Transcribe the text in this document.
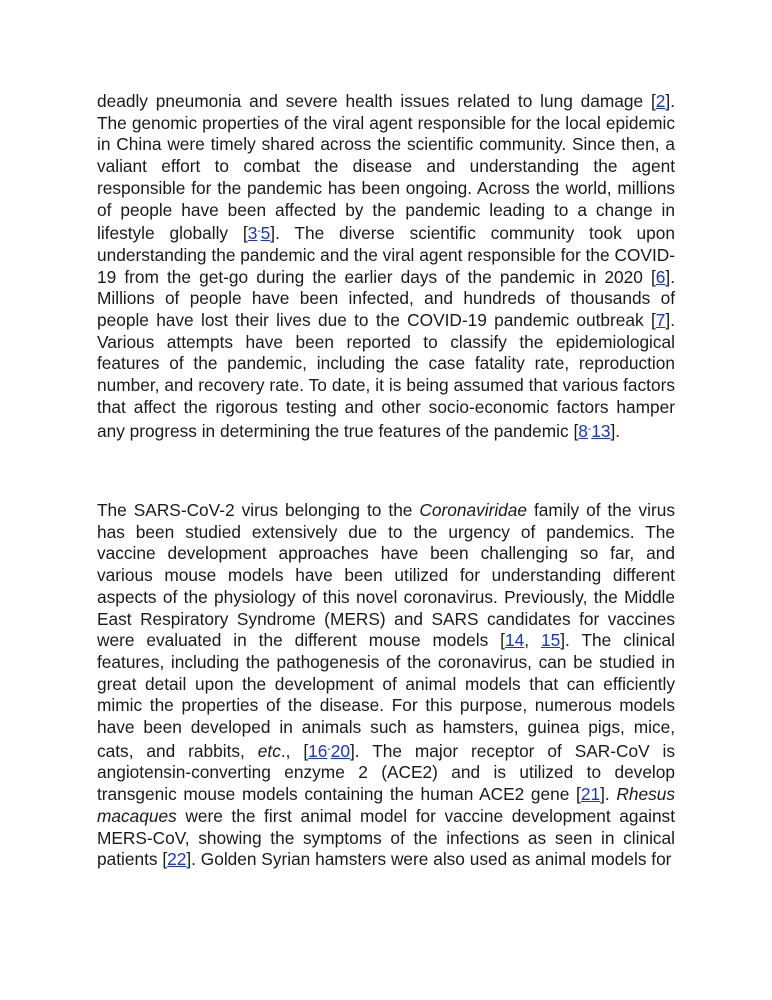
deadly pneumonia and severe health issues related to lung damage [2]. The genomic properties of the viral agent responsible for the local epidemic in China were timely shared across the scientific community. Since then, a valiant effort to combat the disease and understanding the agent responsible for the pandemic has been ongoing. Across the world, millions of people have been affected by the pandemic leading to a change in lifestyle globally [3-5]. The diverse scientific community took upon understanding the pandemic and the viral agent responsible for the COVID-19 from the get-go during the earlier days of the pandemic in 2020 [6]. Millions of people have been infected, and hundreds of thousands of people have lost their lives due to the COVID-19 pandemic outbreak [7]. Various attempts have been reported to classify the epidemiological features of the pandemic, including the case fatality rate, reproduction number, and recovery rate. To date, it is being assumed that various factors that affect the rigorous testing and other socio-economic factors hamper any progress in determining the true features of the pandemic [8-13].

The SARS-CoV-2 virus belonging to the Coronaviridae family of the virus has been studied extensively due to the urgency of pandemics. The vaccine development approaches have been challenging so far, and various mouse models have been utilized for understanding different aspects of the physiology of this novel coronavirus. Previously, the Middle East Respiratory Syndrome (MERS) and SARS candidates for vaccines were evaluated in the different mouse models [14, 15]. The clinical features, including the pathogenesis of the coronavirus, can be studied in great detail upon the development of animal models that can efficiently mimic the properties of the disease. For this purpose, numerous models have been developed in animals such as hamsters, guinea pigs, mice, cats, and rabbits, etc., [16-20]. The major receptor of SAR-CoV is angiotensin-converting enzyme 2 (ACE2) and is utilized to develop transgenic mouse models containing the human ACE2 gene [21]. Rhesus macaques were the first animal model for vaccine development against MERS-CoV, showing the symptoms of the infections as seen in clinical patients [22]. Golden Syrian hamsters were also used as animal models for
